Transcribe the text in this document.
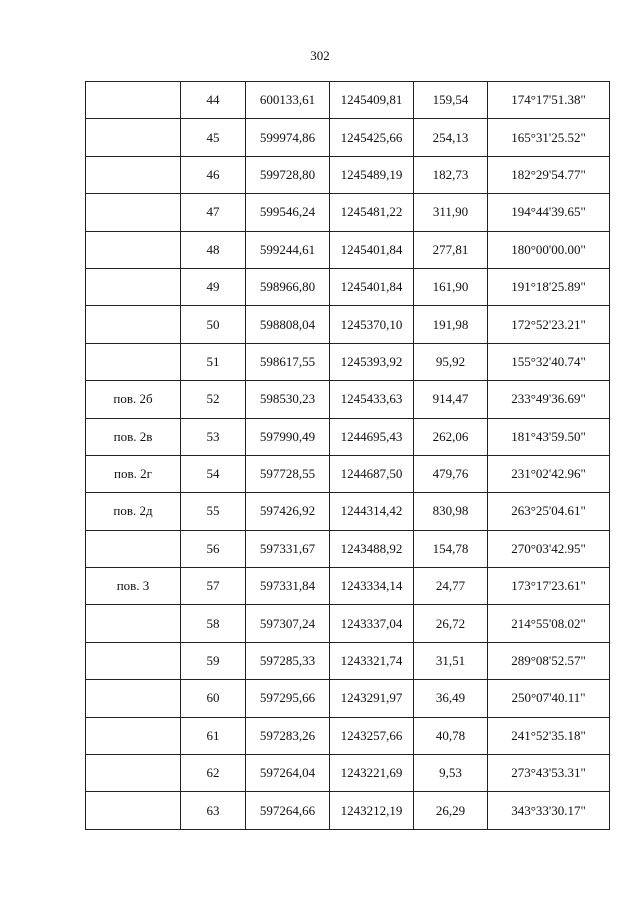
302
	44	600133,61	1245409,81	159,54	174°17'51.38"
	45	599974,86	1245425,66	254,13	165°31'25.52"
	46	599728,80	1245489,19	182,73	182°29'54.77"
	47	599546,24	1245481,22	311,90	194°44'39.65"
	48	599244,61	1245401,84	277,81	180°00'00.00"
	49	598966,80	1245401,84	161,90	191°18'25.89"
	50	598808,04	1245370,10	191,98	172°52'23.21"
	51	598617,55	1245393,92	95,92	155°32'40.74"
пов. 2б	52	598530,23	1245433,63	914,47	233°49'36.69"
пов. 2в	53	597990,49	1244695,43	262,06	181°43'59.50"
пов. 2г	54	597728,55	1244687,50	479,76	231°02'42.96"
пов. 2д	55	597426,92	1244314,42	830,98	263°25'04.61"
	56	597331,67	1243488,92	154,78	270°03'42.95"
пов. 3	57	597331,84	1243334,14	24,77	173°17'23.61"
	58	597307,24	1243337,04	26,72	214°55'08.02"
	59	597285,33	1243321,74	31,51	289°08'52.57"
	60	597295,66	1243291,97	36,49	250°07'40.11"
	61	597283,26	1243257,66	40,78	241°52'35.18"
	62	597264,04	1243221,69	9,53	273°43'53.31"
	63	597264,66	1243212,19	26,29	343°33'30.17"
